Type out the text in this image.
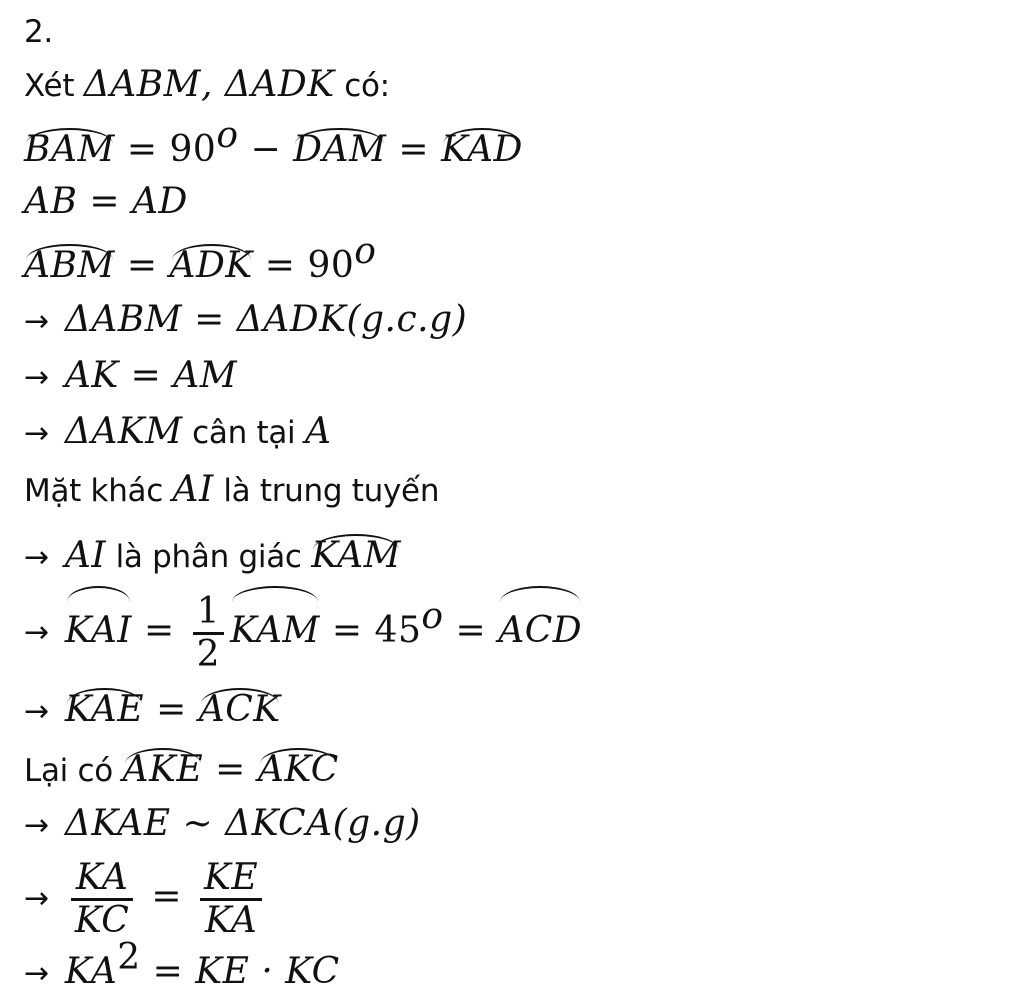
2.
Xét ΔABM, ΔADK có:
BAM = $90^o$ − DAM = KAD
AB = AD
ABM = ADK = $90^o$
→ ΔABM = ΔADK(g.c.g)
→ AK = AM
→ ΔAKM cân tại A
Mặt khác AI là trung tuyến
→ AI là phân giác KAM
→ KAI = $\frac{1}{2}$ KAM = $45^o$ = ACD
→ KAE = ACK
Lại có AKE = AKC
→ ΔKAE ∼ ΔKCA(g.g)
→ $\frac{KA}{KC} = \frac{KE}{KA}$
→ $KA^2$ = KE · KC
